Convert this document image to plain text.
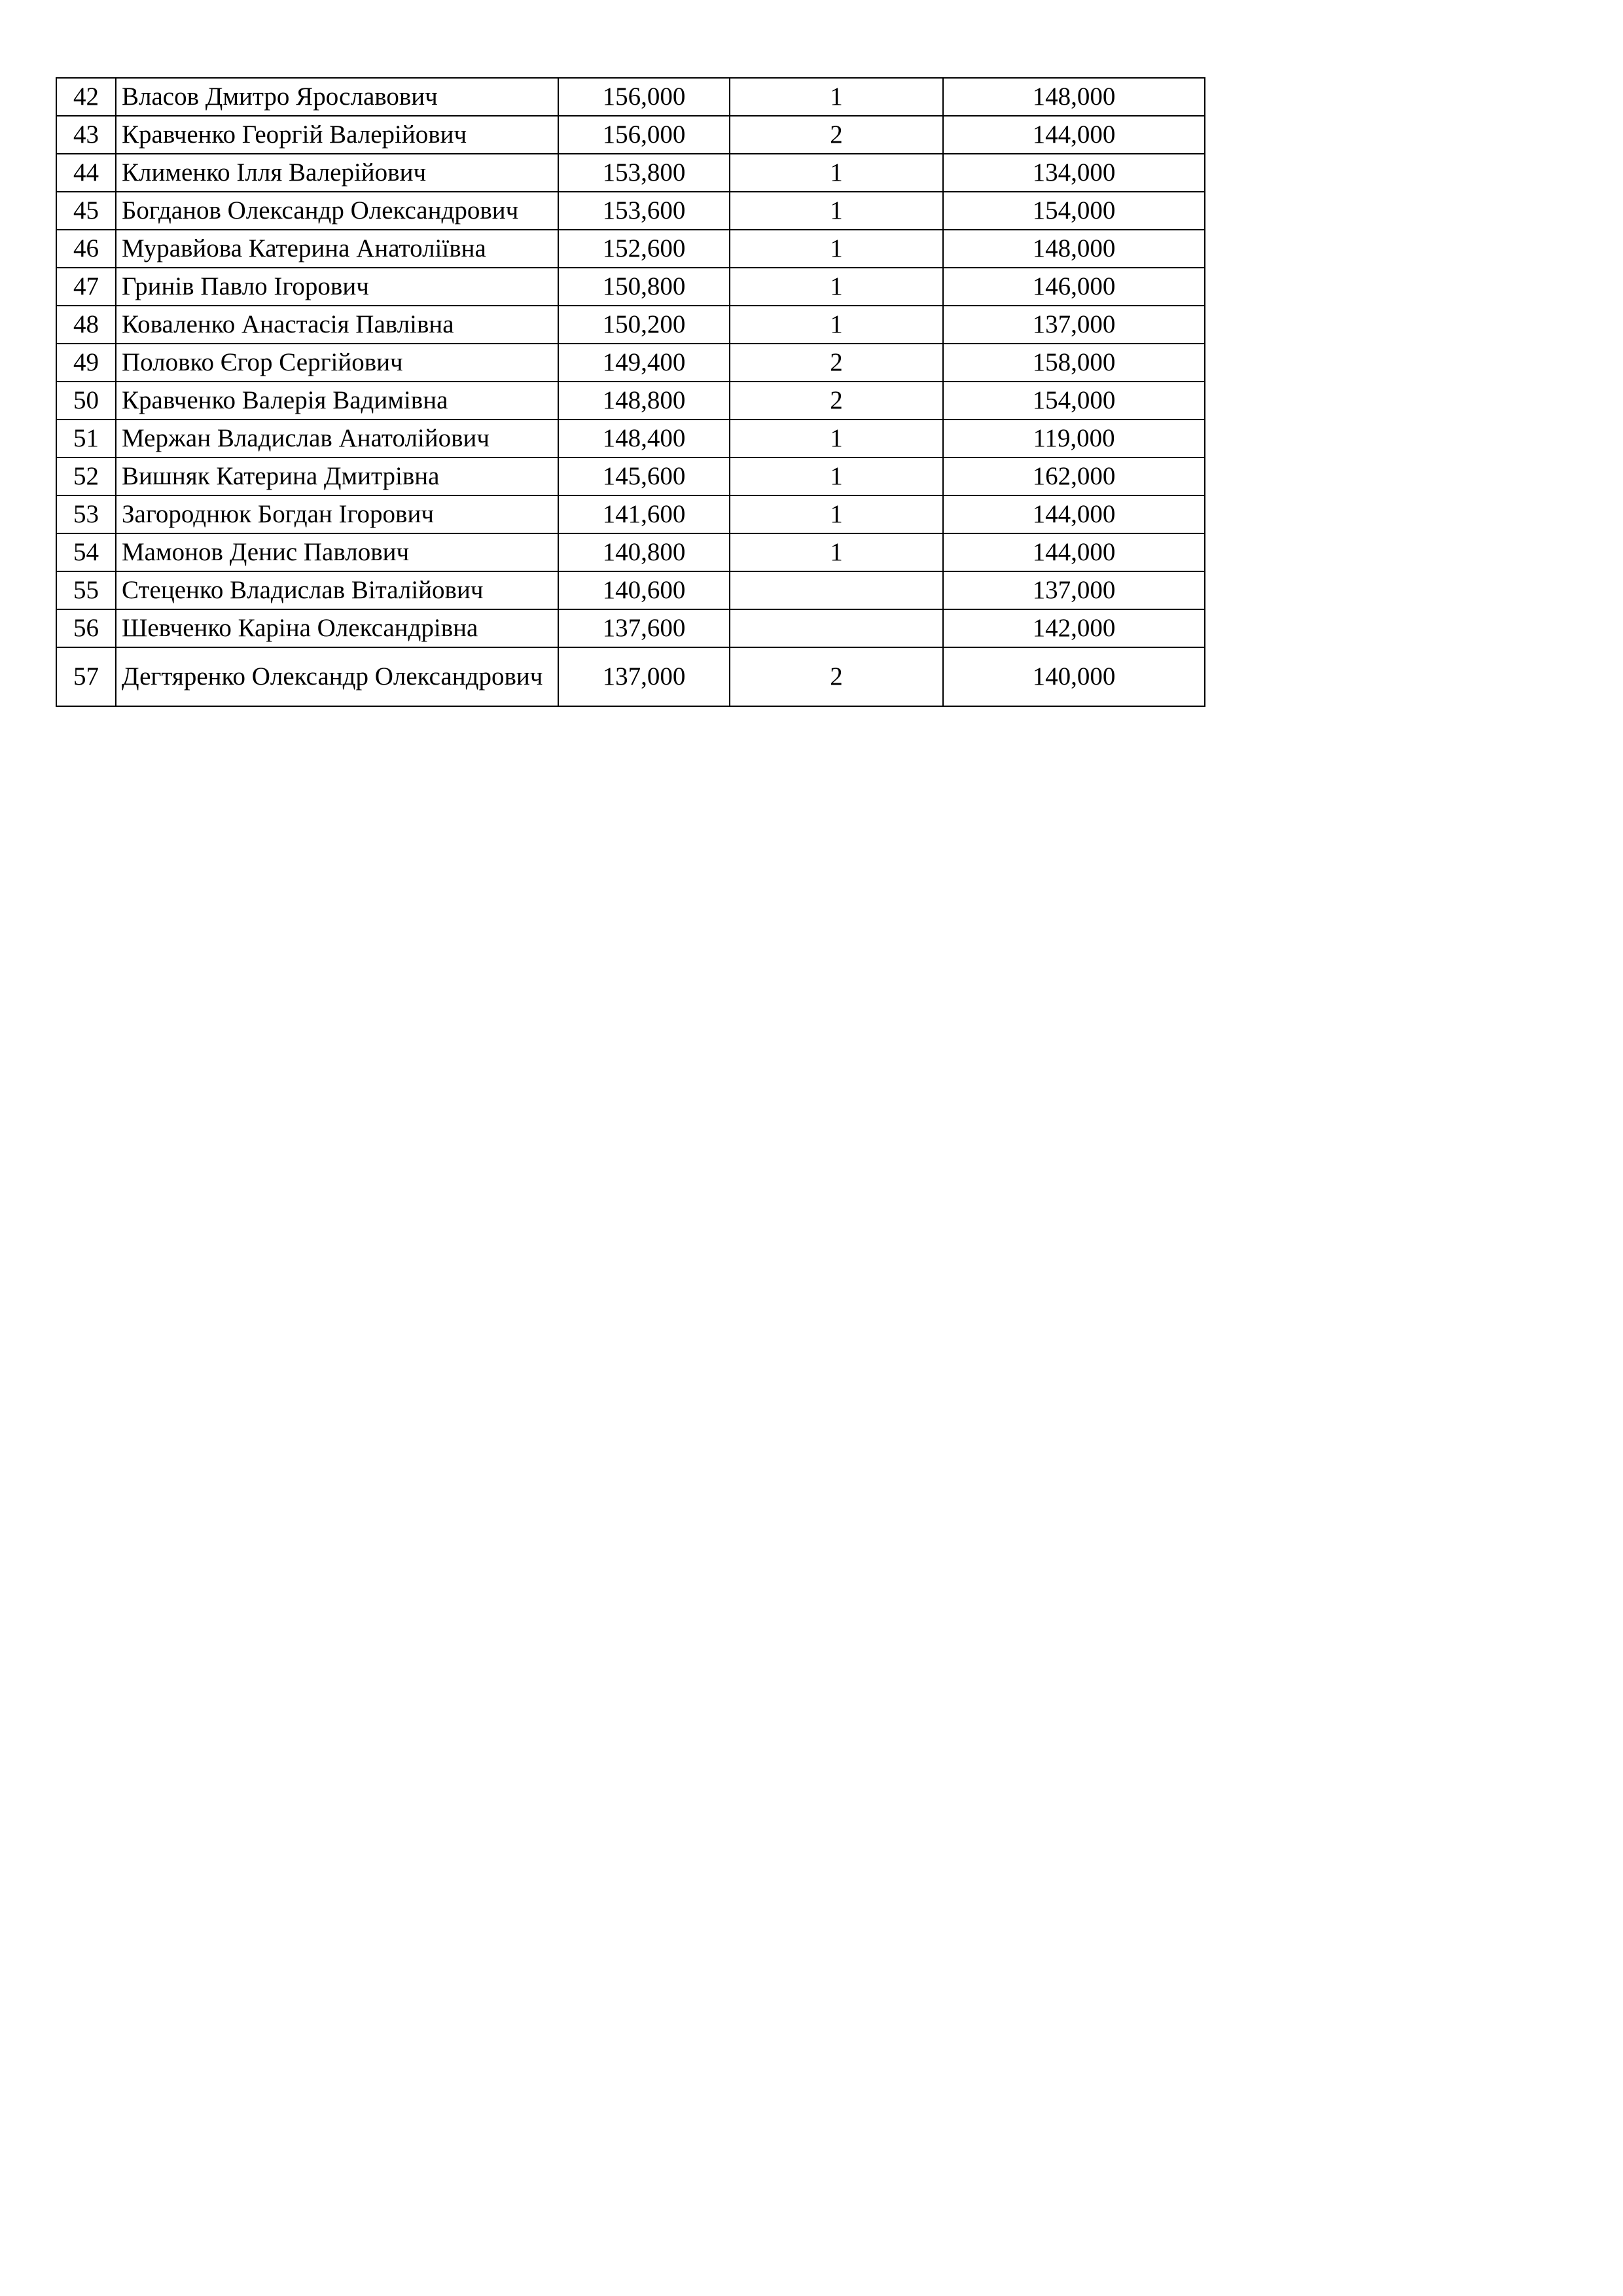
42	Власов Дмитро Ярославович	156,000	1	148,000
43	Кравченко Георгій Валерійович	156,000	2	144,000
44	Клименко Ілля Валерійович	153,800	1	134,000
45	Богданов Олександр Олександрович	153,600	1	154,000
46	Муравйова Катерина Анатоліївна	152,600	1	148,000
47	Гринів Павло Ігорович	150,800	1	146,000
48	Коваленко Анастасія Павлівна	150,200	1	137,000
49	Половко Єгор Сергійович	149,400	2	158,000
50	Кравченко Валерія Вадимівна	148,800	2	154,000
51	Мержан Владислав Анатолійович	148,400	1	119,000
52	Вишняк Катерина Дмитрівна	145,600	1	162,000
53	Загороднюк Богдан Ігорович	141,600	1	144,000
54	Мамонов Денис Павлович	140,800	1	144,000
55	Стеценко Владислав Віталійович	140,600		137,000
56	Шевченко Каріна Олександрівна	137,600		142,000
57	Дегтяренко Олександр Олександрович	137,000	2	140,000
